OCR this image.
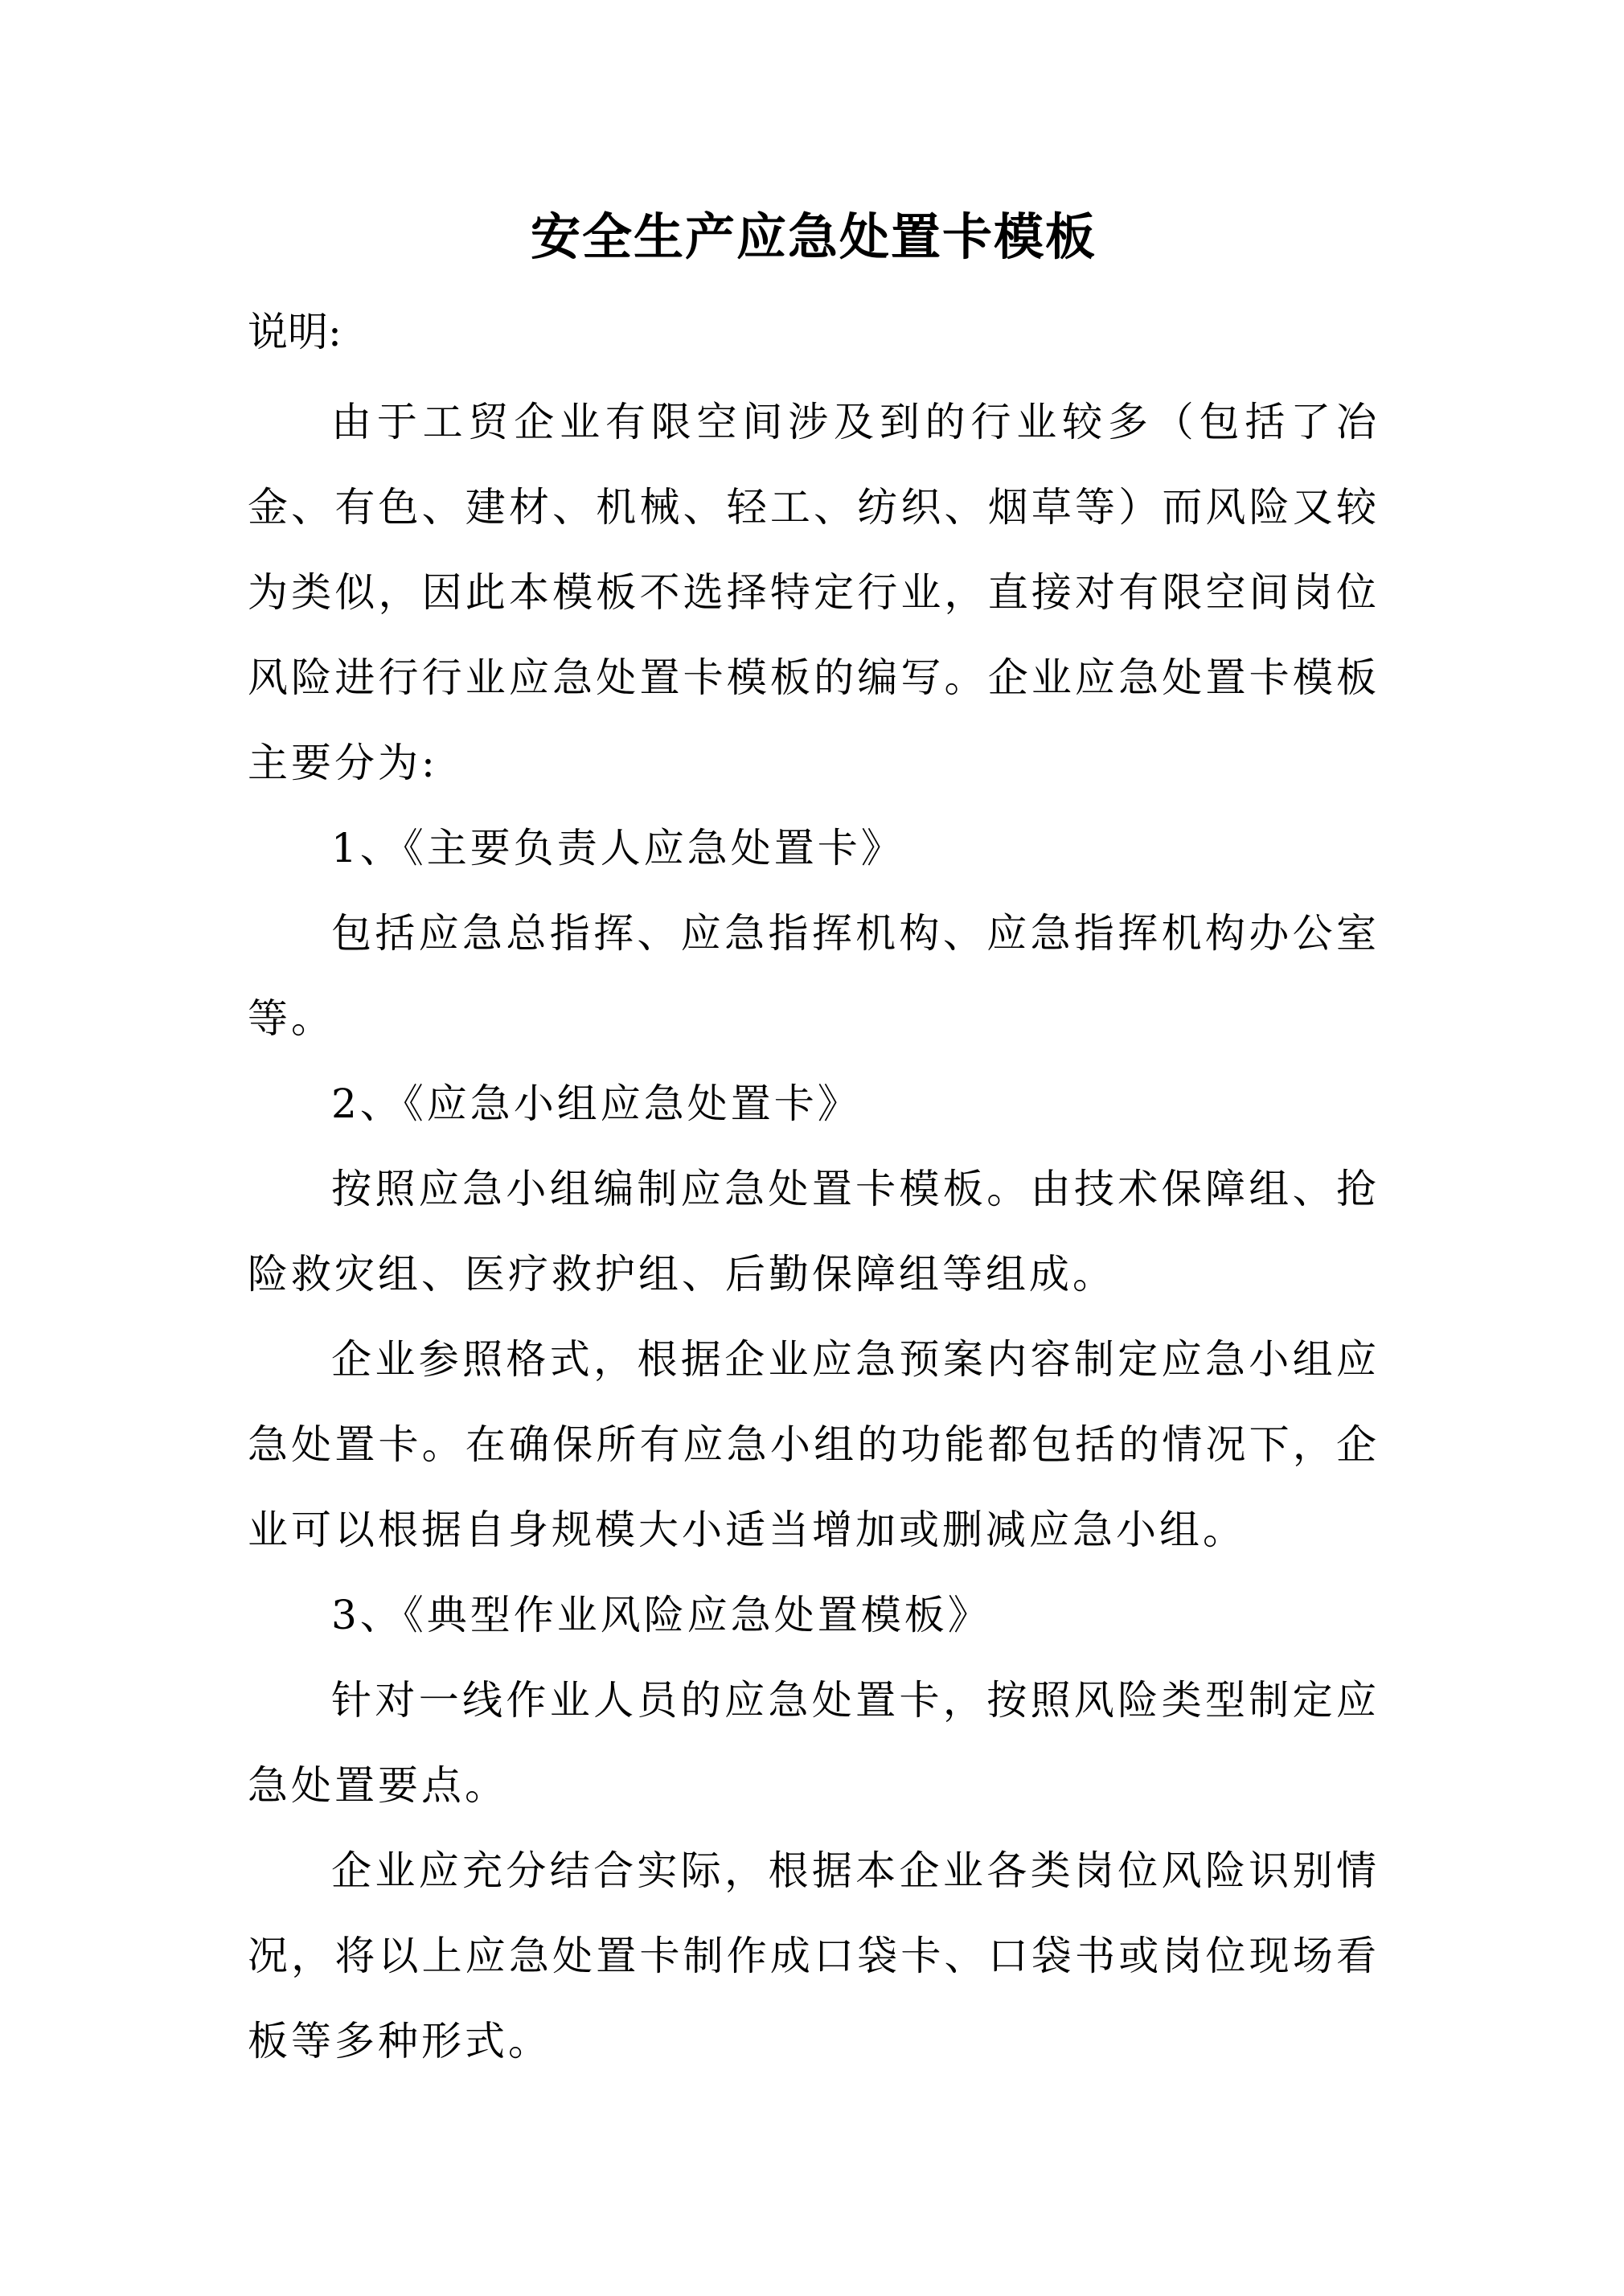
安全生产应急处置卡模板

说明:

由于工贸企业有限空间涉及到的行业较多（包括了冶金、有色、建材、机械、轻工、纺织、烟草等）而风险又较为类似，因此本模板不选择特定行业，直接对有限空间岗位风险进行行业应急处置卡模板的编写。企业应急处置卡模板主要分为:

1、《主要负责人应急处置卡》

包括应急总指挥、应急指挥机构、应急指挥机构办公室等。

2、《应急小组应急处置卡》

按照应急小组编制应急处置卡模板。由技术保障组、抢险救灾组、医疗救护组、后勤保障组等组成。

企业参照格式，根据企业应急预案内容制定应急小组应急处置卡。在确保所有应急小组的功能都包括的情况下，企业可以根据自身规模大小适当增加或删减应急小组。

3、《典型作业风险应急处置模板》

针对一线作业人员的应急处置卡，按照风险类型制定应急处置要点。

企业应充分结合实际，根据本企业各类岗位风险识别情况，将以上应急处置卡制作成口袋卡、口袋书或岗位现场看板等多种形式。
